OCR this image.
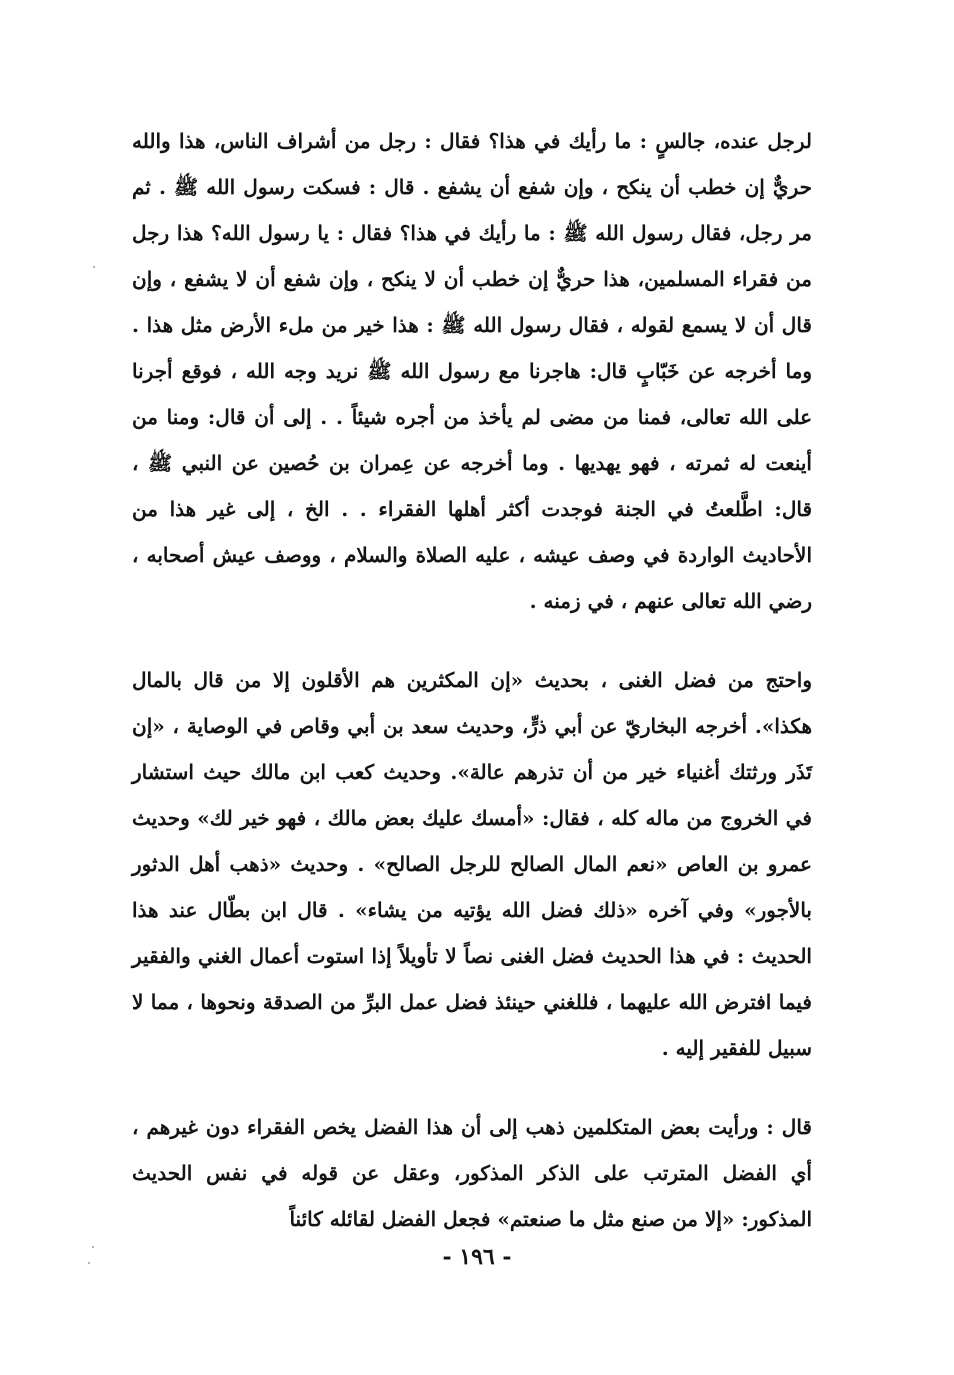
لرجل عنده، جالسٍ : ما رأيك في هذا؟ فقال : رجل من أشراف الناس، هذا والله حريٌّ إن خطب أن ينكح ، وإن شفع أن يشفع . قال : فسكت رسول الله ﷺ . ثم مر رجل، فقال رسول الله ﷺ : ما رأيك في هذا؟ فقال : يا رسول الله؟ هذا رجل من فقراء المسلمين، هذا حريٌّ إن خطب أن لا ينكح ، وإن شفع أن لا يشفع ، وإن قال أن لا يسمع لقوله ، فقال رسول الله ﷺ : هذا خير من ملء الأرض مثل هذا . وما أخرجه عن خَبّابٍ قال: هاجرنا مع رسول الله ﷺ نريد وجه الله ، فوقع أجرنا على الله تعالى، فمنا من مضى لم يأخذ من أجره شيئاً . . إلى أن قال: ومنا من أينعت له ثمرته ، فهو يهديها . وما أخرجه عن عِمران بن حُصين عن النبي ﷺ ، قال: اطَّلعتُ في الجنة فوجدت أكثر أهلها الفقراء . . الخ ، إلى غير هذا من الأحاديث الواردة في وصف عيشه ، عليه الصلاة والسلام ، ووصف عيش أصحابه ، رضي الله تعالى عنهم ، في زمنه .

واحتج من فضل الغنى ، بحديث «إن المكثرين هم الأقلون إلا من قال بالمال هكذا». أخرجه البخاريّ عن أبي ذرٍّ، وحديث سعد بن أبي وقاص في الوصاية ، «إن تَذَر ورثتك أغنياء خير من أن تذرهم عالة». وحديث كعب ابن مالك حيث استشار في الخروج من ماله كله ، فقال: «أمسك عليك بعض مالك ، فهو خير لك» وحديث عمرو بن العاص «نعم المال الصالح للرجل الصالح» . وحديث «ذهب أهل الدثور بالأجور» وفي آخره «ذلك فضل الله يؤتيه من يشاء» . قال ابن بطّال عند هذا الحديث : في هذا الحديث فضل الغنى نصاً لا تأويلاً إذا استوت أعمال الغني والفقير فيما افترض الله عليهما ، فللغني حينئذ فضل عمل البرِّ من الصدقة ونحوها ، مما لا سبيل للفقير إليه .

قال : ورأيت بعض المتكلمين ذهب إلى أن هذا الفضل يخص الفقراء دون غيرهم ، أي الفضل المترتب على الذكر المذكور، وعقل عن قوله في نفس الحديث المذكور: «إلا من صنع مثل ما صنعتم» فجعل الفضل لقائله كائناً

- ١٩٦ -
